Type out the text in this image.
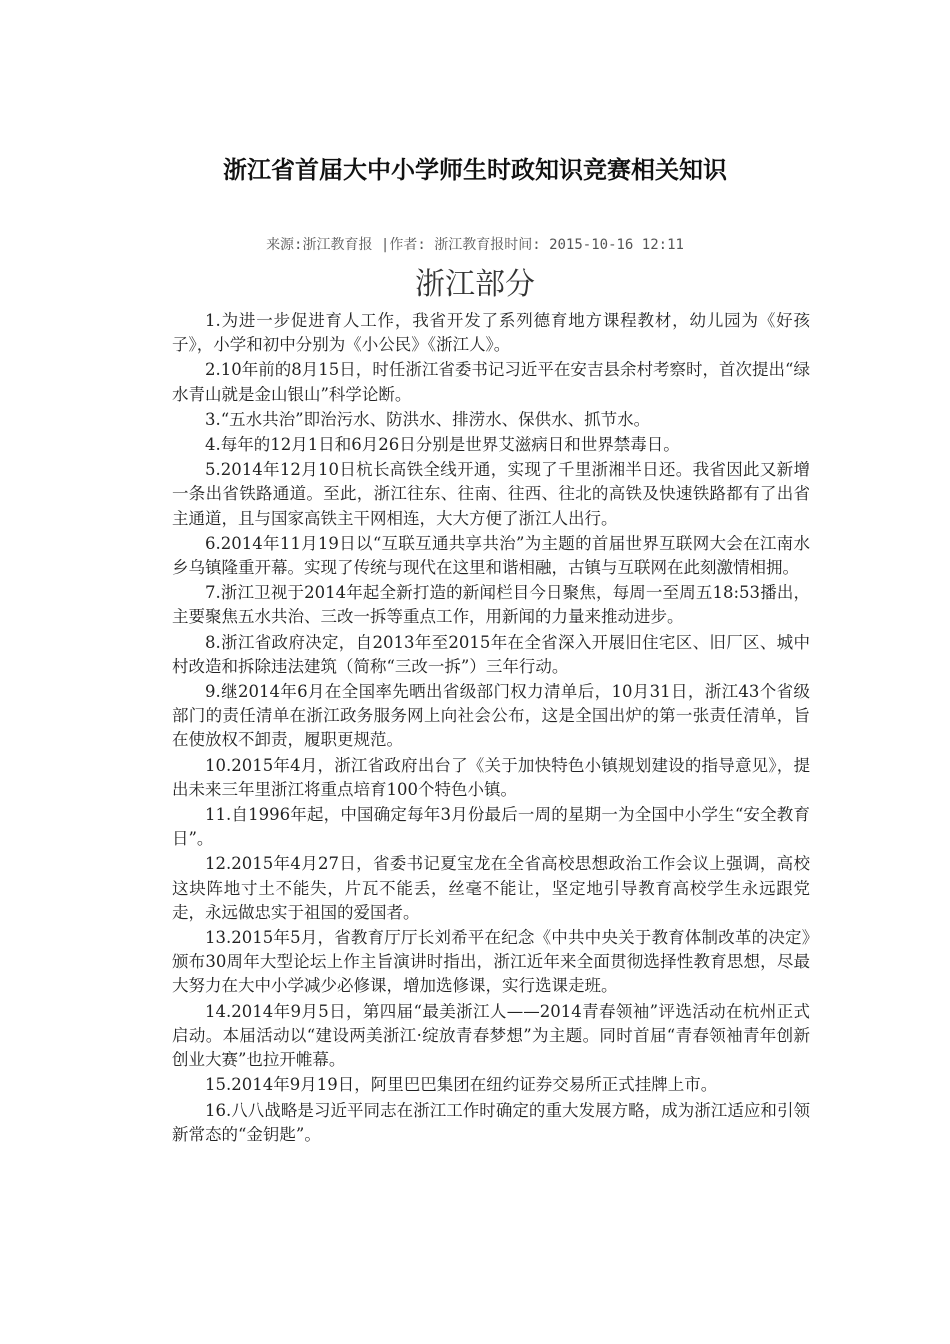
浙江省首届大中小学师生时政知识竞赛相关知识
来源:浙江教育报 |作者: 浙江教育报时间: 2015-10-16 12:11
浙江部分

1.为进一步促进育人工作，我省开发了系列德育地方课程教材，幼儿园为《好孩子》，小学和初中分别为《小公民》《浙江人》。

2.10年前的8月15日，时任浙江省委书记习近平在安吉县余村考察时，首次提出“绿水青山就是金山银山”科学论断。

3.“五水共治”即治污水、防洪水、排涝水、保供水、抓节水。

4.每年的12月1日和6月26日分别是世界艾滋病日和世界禁毒日。

5.2014年12月10日杭长高铁全线开通，实现了千里浙湘半日还。我省因此又新增一条出省铁路通道。至此，浙江往东、往南、往西、往北的高铁及快速铁路都有了出省主通道，且与国家高铁主干网相连，大大方便了浙江人出行。

6.2014年11月19日以“互联互通共享共治”为主题的首届世界互联网大会在江南水乡乌镇隆重开幕。实现了传统与现代在这里和谐相融，古镇与互联网在此刻激情相拥。

7.浙江卫视于2014年起全新打造的新闻栏目今日聚焦，每周一至周五18:53播出，主要聚焦五水共治、三改一拆等重点工作，用新闻的力量来推动进步。

8.浙江省政府决定，自2013年至2015年在全省深入开展旧住宅区、旧厂区、城中村改造和拆除违法建筑（简称“三改一拆”）三年行动。

9.继2014年6月在全国率先晒出省级部门权力清单后，10月31日，浙江43个省级部门的责任清单在浙江政务服务网上向社会公布，这是全国出炉的第一张责任清单，旨在使放权不卸责，履职更规范。

10.2015年4月，浙江省政府出台了《关于加快特色小镇规划建设的指导意见》，提出未来三年里浙江将重点培育100个特色小镇。

11.自1996年起，中国确定每年3月份最后一周的星期一为全国中小学生“安全教育日”。

12.2015年4月27日，省委书记夏宝龙在全省高校思想政治工作会议上强调，高校这块阵地寸土不能失，片瓦不能丢，丝毫不能让，坚定地引导教育高校学生永远跟党走，永远做忠实于祖国的爱国者。

13.2015年5月，省教育厅厅长刘希平在纪念《中共中央关于教育体制改革的决定》颁布30周年大型论坛上作主旨演讲时指出，浙江近年来全面贯彻选择性教育思想，尽最大努力在大中小学减少必修课，增加选修课，实行选课走班。

14.2014年9月5日，第四届“最美浙江人——2014青春领袖”评选活动在杭州正式启动。本届活动以“建设两美浙江·绽放青春梦想”为主题。同时首届“青春领袖青年创新创业大赛”也拉开帷幕。

15.2014年9月19日，阿里巴巴集团在纽约证券交易所正式挂牌上市。

16.八八战略是习近平同志在浙江工作时确定的重大发展方略，成为浙江适应和引领新常态的“金钥匙”。
